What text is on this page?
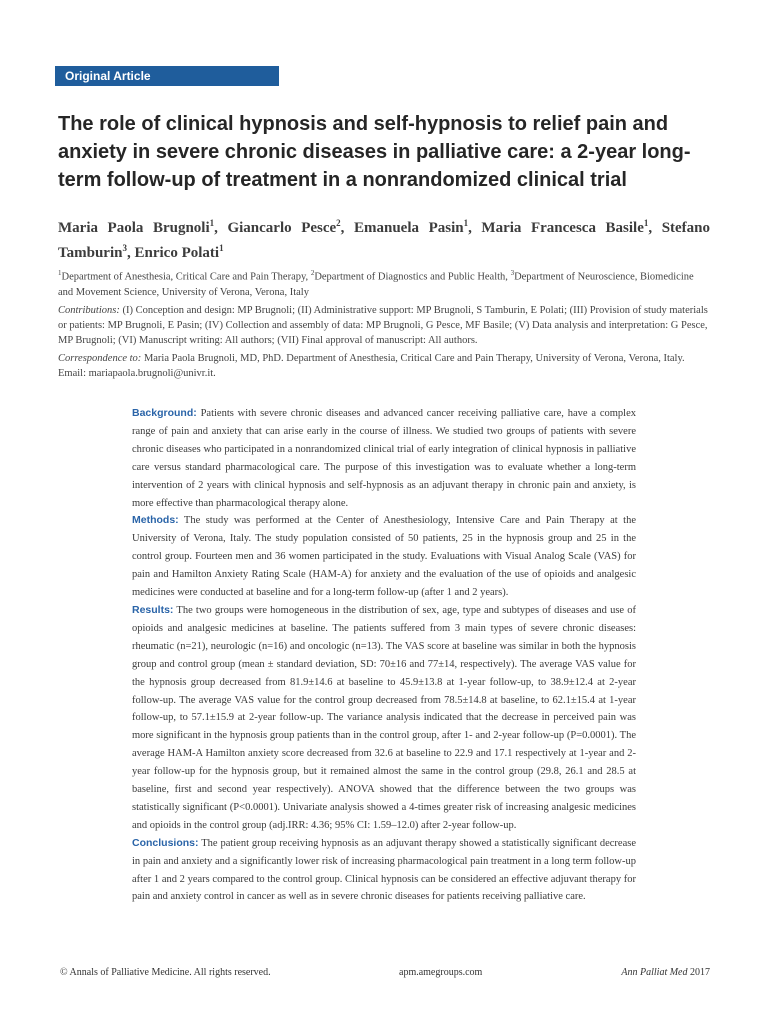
Original Article
The role of clinical hypnosis and self-hypnosis to relief pain and anxiety in severe chronic diseases in palliative care: a 2-year long-term follow-up of treatment in a nonrandomized clinical trial

Maria Paola Brugnoli$^1$, Giancarlo Pesce$^2$, Emanuela Pasin$^1$, Maria Francesca Basile$^1$, Stefano Tamburin$^3$, Enrico Polati$^1$

$^1$Department of Anesthesia, Critical Care and Pain Therapy, $^2$Department of Diagnostics and Public Health, $^3$Department of Neuroscience, Biomedicine and Movement Science, University of Verona, Verona, Italy

Contributions: (I) Conception and design: MP Brugnoli; (II) Administrative support: MP Brugnoli, S Tamburin, E Polati; (III) Provision of study materials or patients: MP Brugnoli, E Pasin; (IV) Collection and assembly of data: MP Brugnoli, G Pesce, MF Basile; (V) Data analysis and interpretation: G Pesce, MP Brugnoli; (VI) Manuscript writing: All authors; (VII) Final approval of manuscript: All authors.

Correspondence to: Maria Paola Brugnoli, MD, PhD. Department of Anesthesia, Critical Care and Pain Therapy, University of Verona, Verona, Italy. Email: mariapaola.brugnoli@univr.it.

Background: Patients with severe chronic diseases and advanced cancer receiving palliative care, have a complex range of pain and anxiety that can arise early in the course of illness. We studied two groups of patients with severe chronic diseases who participated in a nonrandomized clinical trial of early integration of clinical hypnosis in palliative care versus standard pharmacological care. The purpose of this investigation was to evaluate whether a long-term intervention of 2 years with clinical hypnosis and self-hypnosis as an adjuvant therapy in chronic pain and anxiety, is more effective than pharmacological therapy alone.

Methods: The study was performed at the Center of Anesthesiology, Intensive Care and Pain Therapy at the University of Verona, Italy. The study population consisted of 50 patients, 25 in the hypnosis group and 25 in the control group. Fourteen men and 36 women participated in the study. Evaluations with Visual Analog Scale (VAS) for pain and Hamilton Anxiety Rating Scale (HAM-A) for anxiety and the evaluation of the use of opioids and analgesic medicines were conducted at baseline and for a long-term follow-up (after 1 and 2 years).

Results: The two groups were homogeneous in the distribution of sex, age, type and subtypes of diseases and use of opioids and analgesic medicines at baseline. The patients suffered from 3 main types of severe chronic diseases: rheumatic (n=21), neurologic (n=16) and oncologic (n=13). The VAS score at baseline was similar in both the hypnosis group and control group (mean ± standard deviation, SD: 70±16 and 77±14, respectively). The average VAS value for the hypnosis group decreased from 81.9±14.6 at baseline to 45.9±13.8 at 1-year follow-up, to 38.9±12.4 at 2-year follow-up. The average VAS value for the control group decreased from 78.5±14.8 at baseline, to 62.1±15.4 at 1-year follow-up, to 57.1±15.9 at 2-year follow-up. The variance analysis indicated that the decrease in perceived pain was more significant in the hypnosis group patients than in the control group, after 1- and 2-year follow-up (P=0.0001). The average HAM-A Hamilton anxiety score decreased from 32.6 at baseline to 22.9 and 17.1 respectively at 1-year and 2-year follow-up for the hypnosis group, but it remained almost the same in the control group (29.8, 26.1 and 28.5 at baseline, first and second year respectively). ANOVA showed that the difference between the two groups was statistically significant (P<0.0001). Univariate analysis showed a 4-times greater risk of increasing analgesic medicines and opioids in the control group (adj.IRR: 4.36; 95% CI: 1.59–12.0) after 2-year follow-up.

Conclusions: The patient group receiving hypnosis as an adjuvant therapy showed a statistically significant decrease in pain and anxiety and a significantly lower risk of increasing pharmacological pain treatment in a long term follow-up after 1 and 2 years compared to the control group. Clinical hypnosis can be considered an effective adjuvant therapy for pain and anxiety control in cancer as well as in severe chronic diseases for patients receiving palliative care.

© Annals of Palliative Medicine. All rights reserved.	apm.amegroups.com	Ann Palliat Med 2017
